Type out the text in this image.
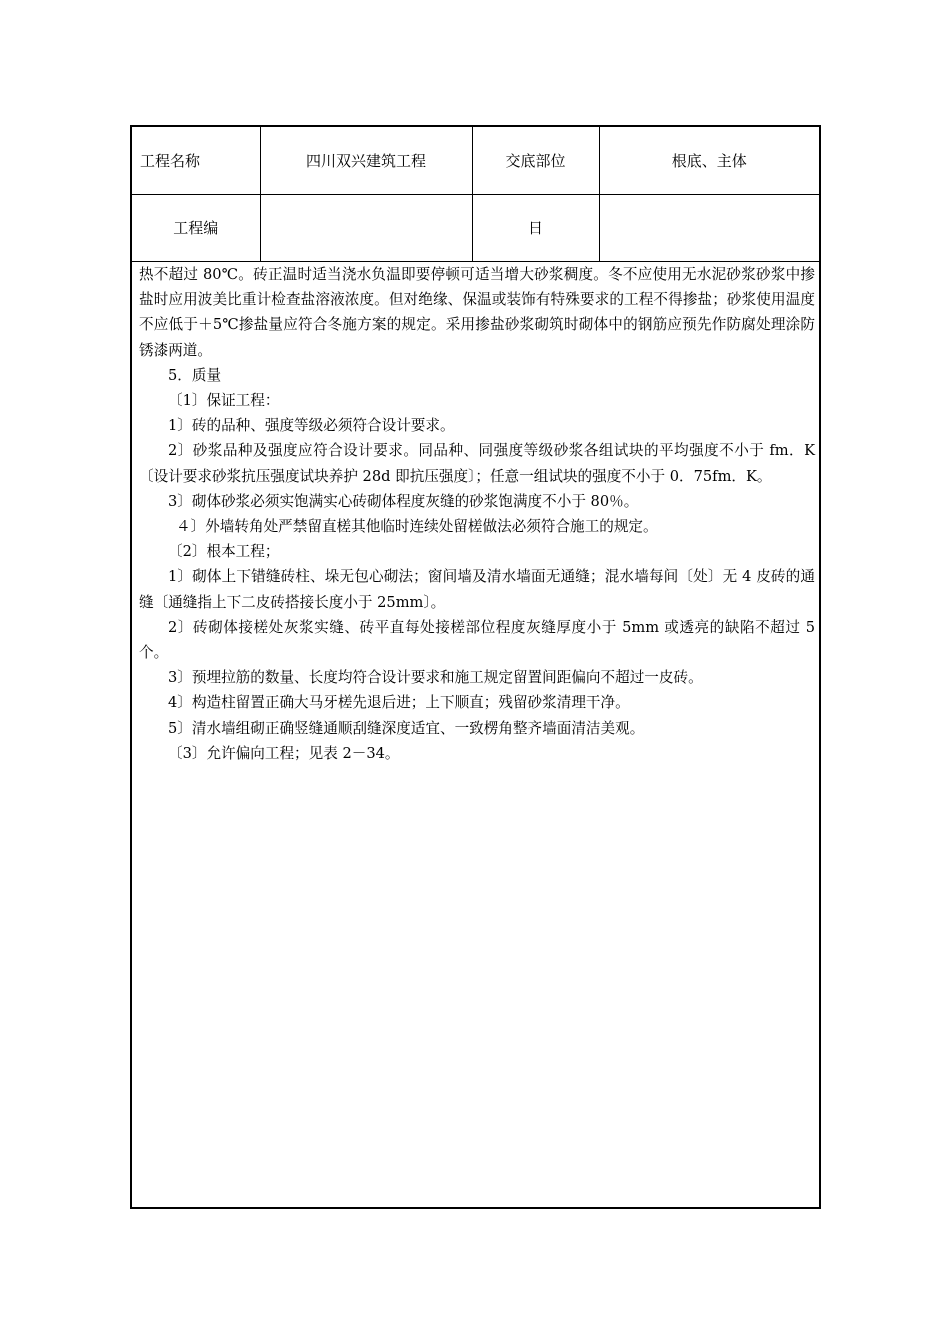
工程名称	四川双兴建筑工程	交底部位	根底、主体
工程编		日	

热不超过 80℃。砖正温时适当浇水负温即要停顿可适当增大砂浆稠度。冬不应使用无水泥砂浆砂浆中掺盐时应用波美比重计检查盐溶液浓度。但对绝缘、保温或装饰有特殊要求的工程不得掺盐；砂浆使用温度不应低于＋5℃掺盐量应符合冬施方案的规定。采用掺盐砂浆砌筑时砌体中的钢筋应预先作防腐处理涂防锈漆两道。

5．质量

〔1〕保证工程：

1〕砖的品种、强度等级必须符合设计要求。

2〕砂浆品种及强度应符合设计要求。同品种、同强度等级砂浆各组试块的平均强度不小于 fm．K〔设计要求砂浆抗压强度试块养护 28d 即抗压强度〕；任意一组试块的强度不小于 0．75fm．K。

3〕砌体砂浆必须实饱满实心砖砌体程度灰缝的砂浆饱满度不小于 80％。

４〕外墙转角处严禁留直槎其他临时连续处留槎做法必须符合施工的规定。

〔2〕根本工程；

1〕砌体上下错缝砖柱、垛无包心砌法；窗间墙及清水墙面无通缝；混水墙每间〔处〕无 4 皮砖的通缝〔通缝指上下二皮砖搭接长度小于 25mm〕。

2〕砖砌体接槎处灰浆实缝、砖平直每处接槎部位程度灰缝厚度小于 5mm 或透亮的缺陷不超过 5 个。

3〕预埋拉筋的数量、长度均符合设计要求和施工规定留置间距偏向不超过一皮砖。

4〕构造柱留置正确大马牙槎先退后进；上下顺直；残留砂浆清理干净。

5〕清水墙组砌正确竖缝通顺刮缝深度适宜、一致楞角整齐墙面清洁美观。

〔3〕允许偏向工程；见表 2－34。
